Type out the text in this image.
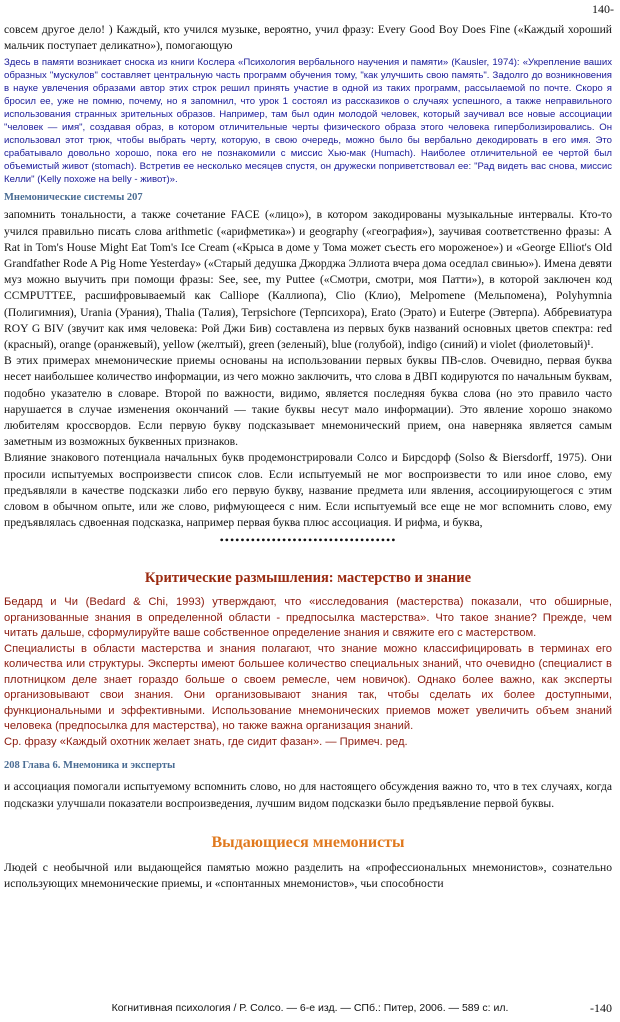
140-

совсем другое дело! ) Каждый, кто учился музыке, вероятно, учил фразу: Every Good Boy Does Fine («Каждый хороший мальчик поступает деликатно»), помогающую

Здесь в памяти возникает сноска из книги Кослера «Психология вербального научения и памяти» (Kausler, 1974): «Укрепление ваших образных "мускулов" составляет центральную часть программ обучения тому, "как улучшить свою память". Задолго до возникновения в науке увлечения образами автор этих строк решил принять участие в одной из таких программ, рассылаемой по почте. Скоро я бросил ее, уже не помню, почему, но я запомнил, что урок 1 состоял из рассказиков о случаях успешного, а также неправильного использования странных зрительных образов. Например, там был один молодой человек, который заучивал все новые ассоциации "человек — имя", создавая образ, в котором отличительные черты физического образа этого человека гиперболизировались. Он использовал этот трюк, чтобы выбрать черту, которую, в свою очередь, можно было бы вербально декодировать в его имя. Это срабатывало довольно хорошо, пока его не познакомили с миссис Хью-мак (Humach). Наиболее отличительной ее чертой был объемистый живот (stomach). Встретив ее несколько месяцев спустя, он дружески поприветствовал ее: "Рад видеть вас снова, миссис Келли" (Kelly похоже на belly - живот)».

Мнемонические системы 207

запомнить тональности, а также сочетание FACE («лицо»), в котором закодированы музыкальные интервалы. Кто-то учился правильно писать слова arithmetic («арифметика») и geography («география»), заучивая соответственно фразы: A Rat in Tom's House Might Eat Tom's Ice Cream («Крыса в доме у Тома может съесть его мороженое») и «George Elliot's Old Grandfather Rode A Pig Home Yesterday» («Старый дедушка Джорджа Эллиота вчера дома оседлал свинью»). Имена девяти муз можно выучить при помощи фразы: See, see, my Puttee («Смотри, смотри, моя Патти»), в которой заключен код CCMPUTTEE, расшифровываемый как Calliope (Каллиопа), Clio (Клио), Melpomene (Мельпомена), Polyhymnia (Полигимния), Urania (Урания), Thalia (Талия), Terpsichore (Терпсихора), Erato (Эрато) и Euterpe (Эвтерпа). Аббревиатура ROY G BIV (звучит как имя человека: Рой Джи Бив) составлена из первых букв названий основных цветов спектра: red (красный), orange (оранжевый), yellow (желтый), green (зеленый), blue (голубой), indigo (синий) и violet (фиолетовый)¹.

В этих примерах мнемонические приемы основаны на использовании первых буквы ПВ-слов. Очевидно, первая буква несет наибольшее количество информации, из чего можно заключить, что слова в ДВП кодируются по начальным буквам, подобно указателю в словаре. Второй по важности, видимо, является последняя буква слова (но это правило часто нарушается в случае изменения окончаний — такие буквы несут мало информации). Это явление хорошо знакомо любителям кроссвордов. Если первую букву подсказывает мнемонический прием, она наверняка является самым заметным из возможных буквенных признаков.

Влияние знакового потенциала начальных букв продемонстрировали Солсо и Бирсдорф (Solso & Biersdorff, 1975). Они просили испытуемых воспроизвести список слов. Если испытуемый не мог воспроизвести то или иное слово, ему предъявляли в качестве подсказки либо его первую букву, название предмета или явления, ассоциирующегося с этим словом в обычном опыте, или же слово, рифмующееся с ним. Если испытуемый все еще не мог вспомнить слово, ему предъявлялась сдвоенная подсказка, например первая буква плюс ассоциация. И рифма, и буква,

••••••••••••••••••••••••••••••••••
Критические размышления: мастерство и знание

Бедард и Чи (Bedard & Chi, 1993) утверждают, что «исследования (мастерства) показали, что обширные, организованные знания в определенной области - предпосылка мастерства». Что такое знание? Прежде, чем читать дальше, сформулируйте ваше собственное определение знания и свяжите его с мастерством.

Специалисты в области мастерства и знания полагают, что знание можно классифицировать в терминах его количества или структуры. Эксперты имеют большее количество специальных знаний, что очевидно (специалист в плотницком деле знает гораздо больше о своем ремесле, чем новичок). Однако более важно, как эксперты организовывают свои знания. Они организовывают знания так, чтобы сделать их более доступными, функциональными и эффективными. Использование мнемонических приемов может увеличить объем знаний человека (предпосылка для мастерства), но также важна организация знаний.

Ср. фразу «Каждый охотник желает знать, где сидит фазан». — Примеч. ред.

208 Глава 6. Мнемоника и эксперты

и ассоциация помогали испытуемому вспомнить слово, но для настоящего обсуждения важно то, что в тех случаях, когда подсказки улучшали показатели воспроизведения, лучшим видом подсказки было предъявление первой буквы.

Выдающиеся мнемонисты

Людей с необычной или выдающейся памятью можно разделить на «профессиональных мнемонистов», сознательно использующих мнемонические приемы, и «спонтанных мнемонистов», чьи способности

Когнитивная психология / Р. Солсо. — 6-е изд. — СПб.: Питер, 2006. — 589 с: ил.	-140
